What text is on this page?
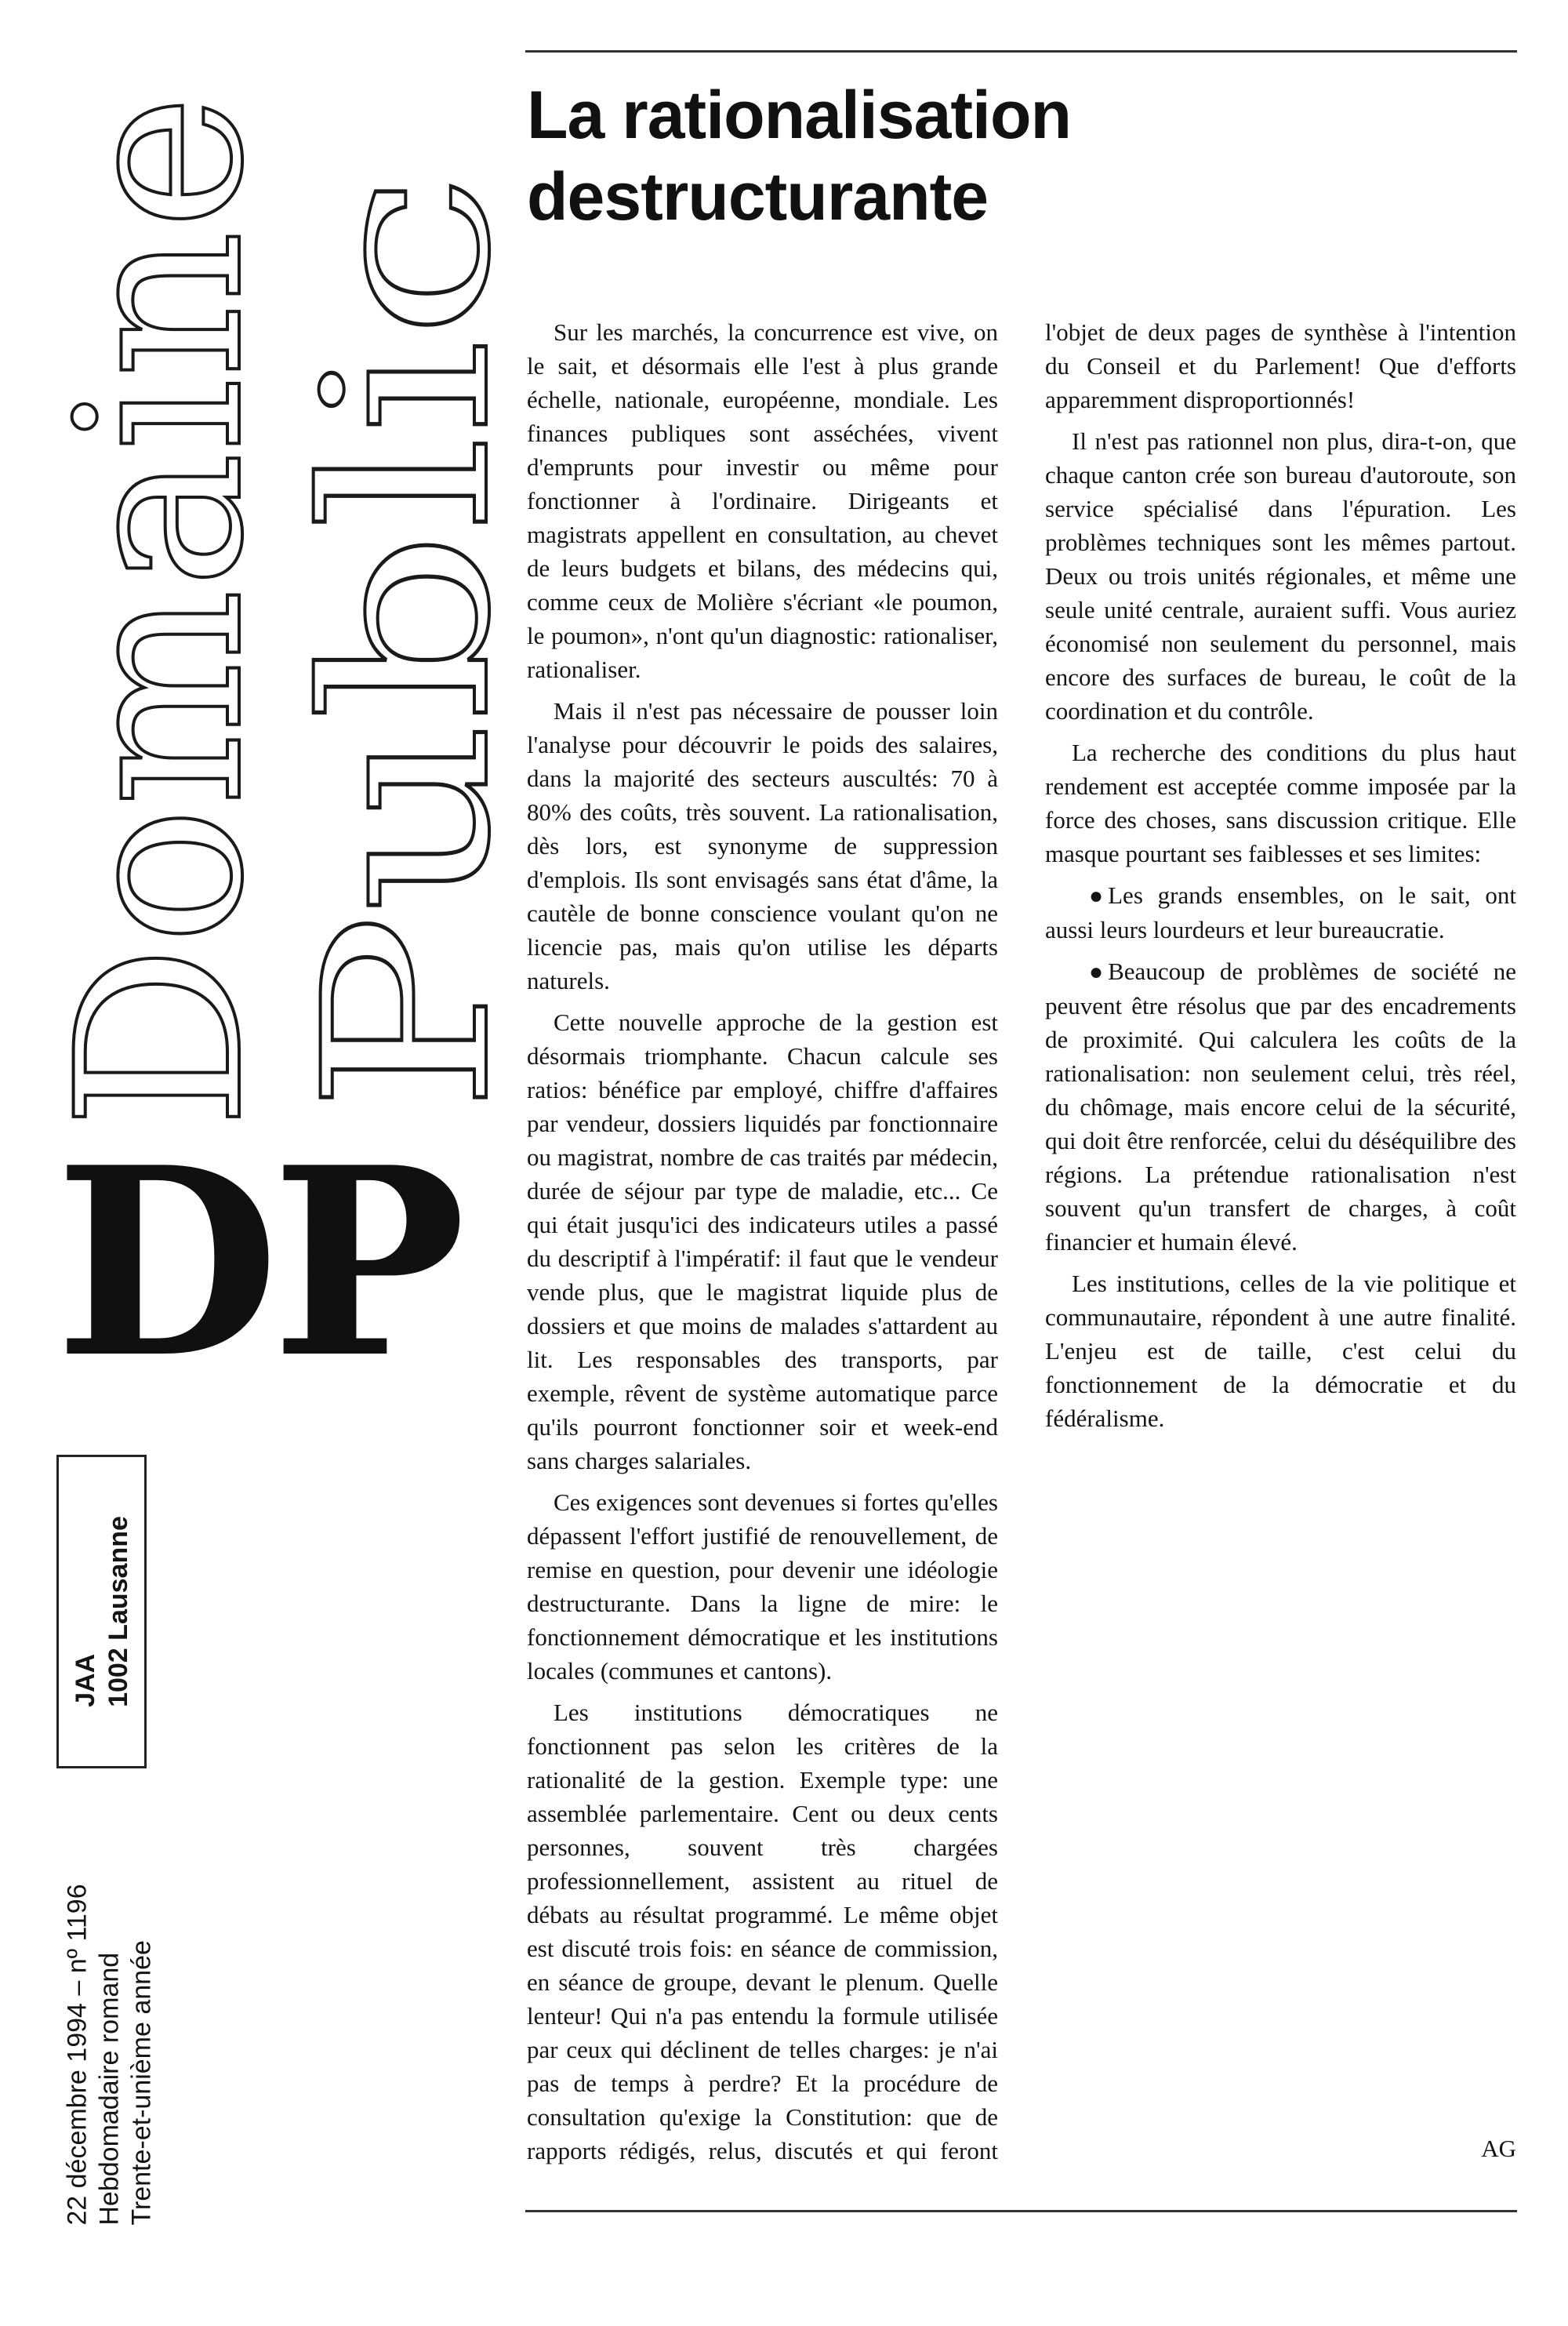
Domaine
Public
DP
JAA 1002 Lausanne
22 décembre 1994 – nº 1196 Hebdomadaire romand Trente-et-unième année
La rationalisation destructurante

Sur les marchés, la concurrence est vive, on le sait, et désormais elle l'est à plus grande échelle, nationale, européenne, mondiale. Les finances publiques sont asséchées, vivent d'emprunts pour investir ou même pour fonctionner à l'ordinaire. Dirigeants et magistrats appellent en consultation, au chevet de leurs budgets et bilans, des médecins qui, comme ceux de Molière s'écriant «le poumon, le poumon», n'ont qu'un diagnostic: rationaliser, rationaliser.

Mais il n'est pas nécessaire de pousser loin l'analyse pour découvrir le poids des salaires, dans la majorité des secteurs auscultés: 70 à 80% des coûts, très souvent. La rationalisation, dès lors, est synonyme de suppression d'emplois. Ils sont envisagés sans état d'âme, la cautèle de bonne conscience voulant qu'on ne licencie pas, mais qu'on utilise les départs naturels.

Cette nouvelle approche de la gestion est désormais triomphante. Chacun calcule ses ratios: bénéfice par employé, chiffre d'affaires par vendeur, dossiers liquidés par fonctionnaire ou magistrat, nombre de cas traités par médecin, durée de séjour par type de maladie, etc... Ce qui était jusqu'ici des indicateurs utiles a passé du descriptif à l'impératif: il faut que le vendeur vende plus, que le magistrat liquide plus de dossiers et que moins de malades s'attardent au lit. Les responsables des transports, par exemple, rêvent de système automatique parce qu'ils pourront fonctionner soir et week-end sans charges salariales.

Ces exigences sont devenues si fortes qu'elles dépassent l'effort justifié de renouvellement, de remise en question, pour devenir une idéologie destructurante. Dans la ligne de mire: le fonctionnement démocratique et les institutions locales (communes et cantons).

Les institutions démocratiques ne fonctionnent pas selon les critères de la rationalité de la gestion. Exemple type: une assemblée parlementaire. Cent ou deux cents personnes, souvent très chargées professionnellement, assistent au rituel de débats au résultat programmé. Le même objet est discuté trois fois: en séance de commission, en séance de groupe, devant le plenum. Quelle lenteur! Qui n'a pas entendu la formule utilisée par ceux qui déclinent de telles charges: je n'ai pas de temps à perdre? Et la procédure de consultation qu'exige la Constitution: que de rapports rédigés, relus, discutés et qui feront l'objet de deux pages de synthèse à l'intention du Conseil et du Parlement! Que d'efforts apparemment disproportionnés!

Il n'est pas rationnel non plus, dira-t-on, que chaque canton crée son bureau d'autoroute, son service spécialisé dans l'épuration. Les problèmes techniques sont les mêmes partout. Deux ou trois unités régionales, et même une seule unité centrale, auraient suffi. Vous auriez économisé non seulement du personnel, mais encore des surfaces de bureau, le coût de la coordination et du contrôle.

La recherche des conditions du plus haut rendement est acceptée comme imposée par la force des choses, sans discussion critique. Elle masque pourtant ses faiblesses et ses limites:

● Les grands ensembles, on le sait, ont aussi leurs lourdeurs et leur bureaucratie.

● Beaucoup de problèmes de société ne peuvent être résolus que par des encadrements de proximité. Qui calculera les coûts de la rationalisation: non seulement celui, très réel, du chômage, mais encore celui de la sécurité, qui doit être renforcée, celui du déséquilibre des régions. La prétendue rationalisation n'est souvent qu'un transfert de charges, à coût financier et humain élevé.

Les institutions, celles de la vie politique et communautaire, répondent à une autre finalité. L'enjeu est de taille, c'est celui du fonctionnement de la démocratie et du fédéralisme.

AG
